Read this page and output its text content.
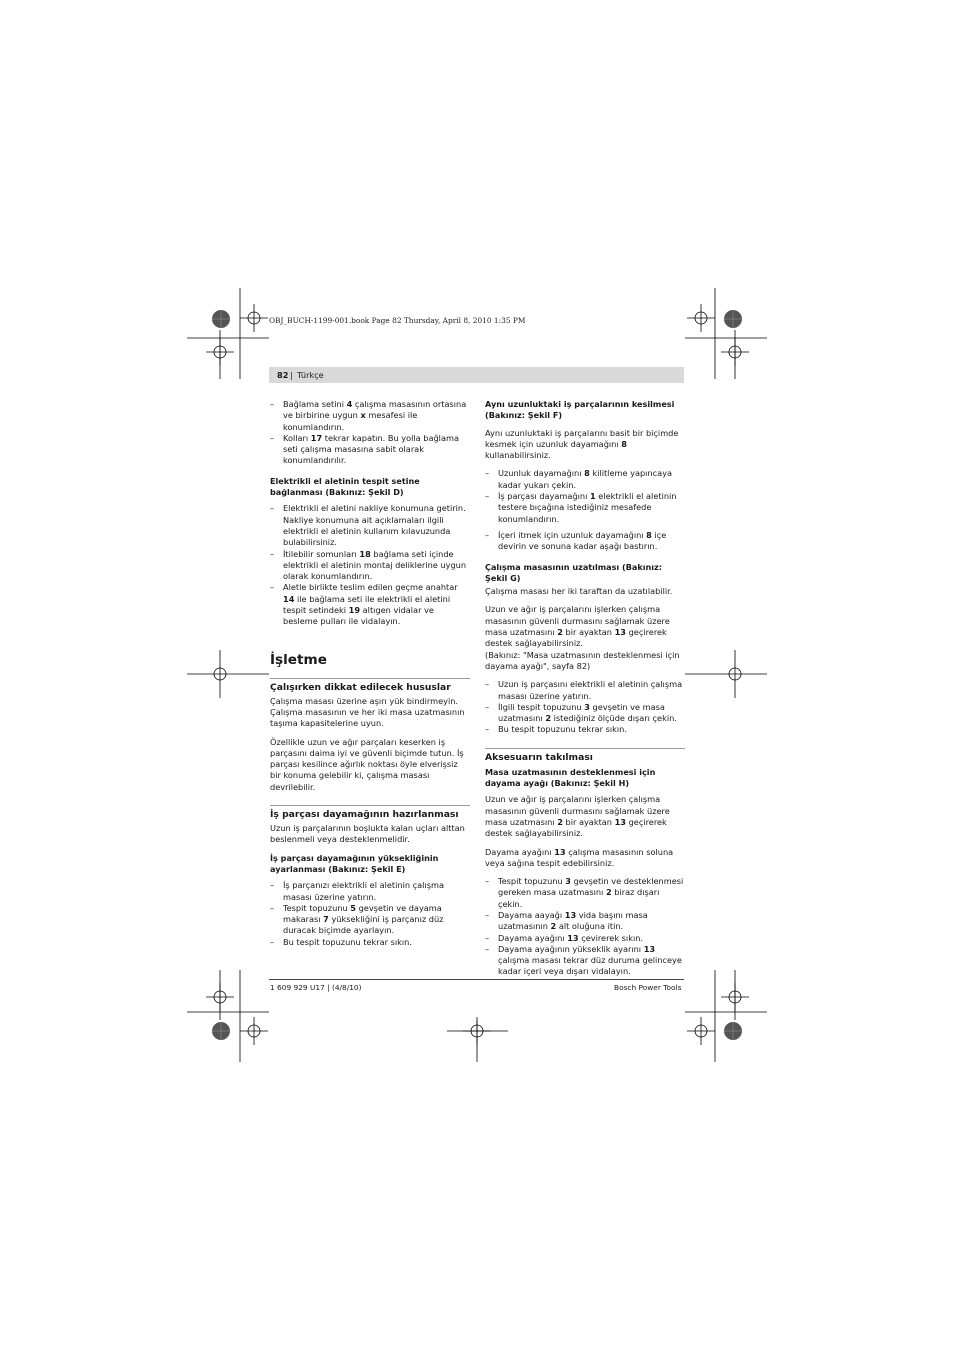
OBJ_BUCH-1199-001.book Page 82 Thursday, April 8, 2010 1:35 PM
82 | Türkçe

– Bağlama setini 4 çalışma masasının ortasına ve birbirine uygun x mesafesi ile konumlandırın.

– Kolları 17 tekrar kapatın. Bu yolla bağlama seti çalışma masasına sabit olarak konumlandırılır.

Elektrikli el aletinin tespit setine bağlanması (Bakınız: Şekil D)

– Elektrikli el aletini nakliye konumuna getirin. Nakliye konumuna ait açıklamaları ilgili elektrikli el aletinin kullanım kılavuzunda bulabilirsiniz.

– İtilebilir somunları 18 bağlama seti içinde elektrikli el aletinin montaj deliklerine uygun olarak konumlandırın.

– Aletle birlikte teslim edilen geçme anahtar 14 ile bağlama seti ile elektrikli el aletini tespit setindeki 19 altıgen vidalar ve besleme pulları ile vidalayın.

İşletme

Çalışırken dikkat edilecek hususlar

Çalışma masası üzerine aşırı yük bindirmeyin. Çalışma masasının ve her iki masa uzatmasının taşıma kapasitelerine uyun.

Özellikle uzun ve ağır parçaları keserken iş parçasını daima iyi ve güvenli biçimde tutun. İş parçası kesilince ağırlık noktası öyle elverişsiz bir konuma gelebilir ki, çalışma masası devrilebilir.

İş parçası dayamağının hazırlanması

Uzun iş parçalarının boşlukta kalan uçları alttan beslenmeli veya desteklenmelidir.

İş parçası dayamağının yüksekliğinin ayarlanması (Bakınız: Şekil E)

– İş parçanızı elektrikli el aletinin çalışma masası üzerine yatırın.

– Tespit topuzunu 5 gevşetin ve dayama makarası 7 yüksekliğini iş parçanız düz duracak biçimde ayarlayın.

– Bu tespit topuzunu tekrar sıkın.

Aynı uzunluktaki iş parçalarının kesilmesi (Bakınız: Şekil F)

Aynı uzunluktaki iş parçalarını basit bir biçimde kesmek için uzunluk dayamağını 8 kullanabilirsiniz.

– Uzunluk dayamağını 8 kilitleme yapıncaya kadar yukarı çekin.

– İş parçası dayamağını 1 elektrikli el aletinin testere bıçağına istediğiniz mesafede konumlandırın.

– İçeri itmek için uzunluk dayamağını 8 içe devirin ve sonuna kadar aşağı bastırın.

Çalışma masasının uzatılması (Bakınız: Şekil G)

Çalışma masası her iki taraftan da uzatılabilir.

Uzun ve ağır iş parçalarını işlerken çalışma masasının güvenli durmasını sağlamak üzere masa uzatmasını 2 bir ayaktan 13 geçirerek destek sağlayabilirsiniz.

(Bakınız: "Masa uzatmasının desteklenmesi için dayama ayağı", sayfa 82)

– Uzun iş parçasını elektrikli el aletinin çalışma masası üzerine yatırın.

– İlgili tespit topuzunu 3 gevşetin ve masa uzatmasını 2 istediğiniz ölçüde dışarı çekin.

– Bu tespit topuzunu tekrar sıkın.

Aksesuarın takılması

Masa uzatmasının desteklenmesi için dayama ayağı (Bakınız: Şekil H)

Uzun ve ağır iş parçalarını işlerken çalışma masasının güvenli durmasını sağlamak üzere masa uzatmasını 2 bir ayaktan 13 geçirerek destek sağlayabilirsiniz.

Dayama ayağını 13 çalışma masasının soluna veya sağına tespit edebilirsiniz.

– Tespit topuzunu 3 gevşetin ve desteklenmesi gereken masa uzatmasını 2 biraz dışarı çekin.

– Dayama aayağı 13 vida başını masa uzatmasının 2 alt oluğuna itin.

– Dayama ayağını 13 çevirerek sıkın.

– Dayama ayağının yükseklik ayarını 13 çalışma masası tekrar düz duruma gelinceye kadar içeri veya dışarı vidalayın.

1 609 929 U17 | (4/8/10)	Bosch Power Tools
